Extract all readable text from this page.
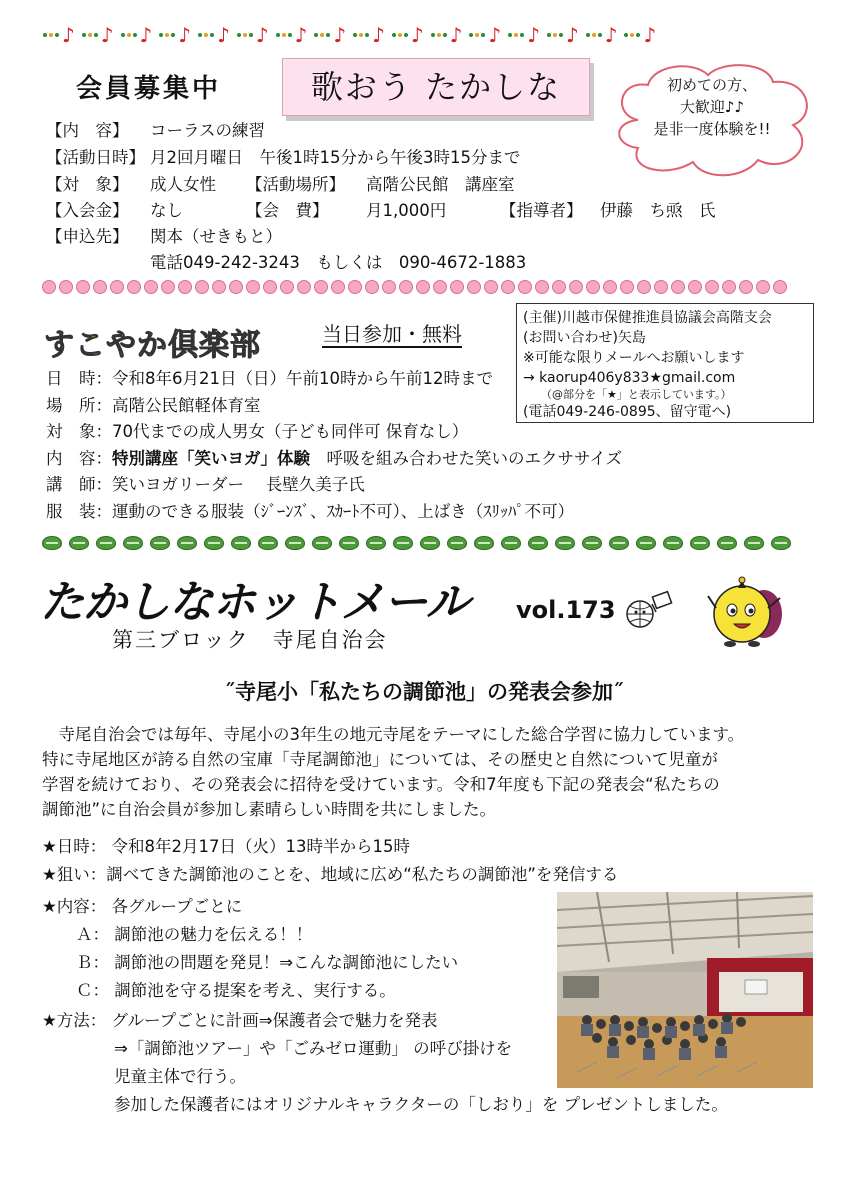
♪ ♪ ♪ ♪ ♪ ♪ ♪ ♪ ♪ ♪ ♪ ♪ ♪ ♪ ♪ ♪
会員募集中	歌おう たかしな	初めての方、
大歓迎♪♪
是非一度体験を!!
【内　容】 コーラスの練習
【活動日時】 月2回月曜日　午後1時15分から午後3時15分まで
【対　象】 成人女性 【活動場所】 高階公民館　講座室
【入会金】 なし	【会　費】 月1,000円	【指導者】 伊藤　ち焏　氏
【申込先】 関本（せきもと）
電話049-242-3243　もしくは　090-4672-1883
すこやか倶楽部	当日参加・無料
(主催)川越市保健推進員協議会高階支会
(お問い合わせ)矢島
※可能な限りメールへお願いします
→ kaorup406y833★gmail.com
（@部分を「★」と表示しています。）
(電話049-246-0895、留守電へ)
日　時：令和8年6月21日（日）午前10時から午前12時まで
場　所：高階公民館軽体育室
対　象：70代までの成人男女（子ども同伴可 保育なし）
内　容：特別講座「笑いヨガ」体験　呼吸を組み合わせた笑いのエクササイズ
講　師：笑いヨガリーダー　 長壁久美子氏
服　装：運動のできる服装（ｼﾞｰﾝｽﾞ、ｽｶｰﾄ不可）、上ばき（ｽﾘｯﾊﾟ不可）
たかしなホットメール
第三ブロック　寺尾自治会
vol.173
˝寺尾小「私たちの調節池」の発表会参加˝
　寺尾自治会では毎年、寺尾小の3年生の地元寺尾をテーマにした総合学習に協力しています。
特に寺尾地区が誇る自然の宝庫「寺尾調節池」については、その歴史と自然について児童が
学習を続けており、その発表会に招待を受けています。令和7年度も下記の発表会“私たちの
調節池”に自治会員が参加し素晴らしい時間を共にしました。
★日時： 令和8年2月17日（火）13時半から15時
★狙い：調べてきた調節池のことを、地域に広め“私たちの調節池”を発信する
★内容： 各グループごとに
Ａ： 調節池の魅力を伝える！！
Ｂ： 調節池の問題を発見！⇒こんな調節池にしたい
Ｃ： 調節池を守る提案を考え、実行する。
★方法： グループごとに計画⇒保護者会で魅力を発表
⇒「調節池ツアー」や「ごみゼロ運動」 の呼び掛けを
児童主体で行う。
参加した保護者にはオリジナルキャラクターの「しおり」を プレゼントしました。
